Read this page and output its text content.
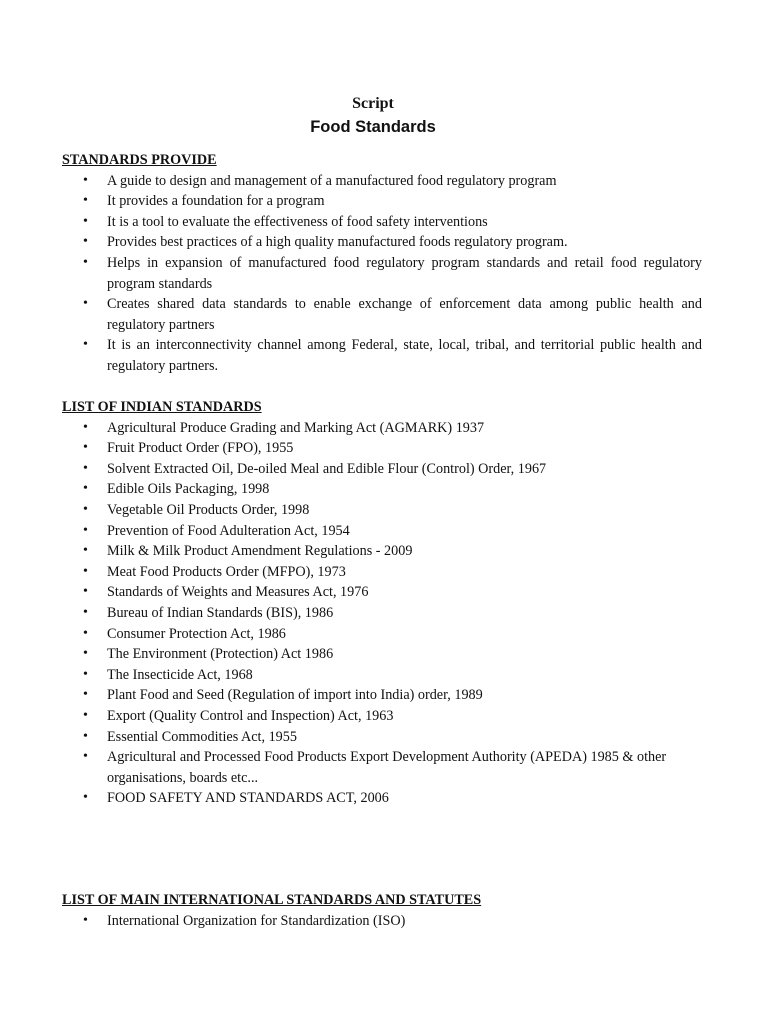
Script
Food Standards

STANDARDS PROVIDE

• A guide to design and management of a manufactured food regulatory program
• It provides a foundation for a program
• It is a tool to evaluate the effectiveness of food safety interventions
• Provides best practices of a high quality manufactured foods regulatory program.
• Helps in expansion of manufactured food regulatory program standards and retail food regulatory program standards
• Creates shared data standards to enable exchange of enforcement data among public health and regulatory partners
• It is an interconnectivity channel among Federal, state, local, tribal, and territorial public health and regulatory partners.

LIST OF INDIAN STANDARDS

• Agricultural Produce Grading and Marking Act (AGMARK) 1937
• Fruit Product Order (FPO), 1955
• Solvent Extracted Oil, De-oiled Meal and Edible Flour (Control) Order, 1967
• Edible Oils Packaging, 1998
• Vegetable Oil Products Order, 1998
• Prevention of Food Adulteration Act, 1954
• Milk & Milk Product Amendment Regulations - 2009
• Meat Food Products Order (MFPO), 1973
• Standards of Weights and Measures Act, 1976
• Bureau of Indian Standards (BIS), 1986
• Consumer Protection Act, 1986
• The Environment (Protection) Act 1986
• The Insecticide Act, 1968
• Plant Food and Seed (Regulation of import into India) order, 1989
• Export (Quality Control and Inspection) Act, 1963
• Essential Commodities Act, 1955
• Agricultural and Processed Food Products Export Development Authority (APEDA) 1985 & other organisations, boards etc...
• FOOD SAFETY AND STANDARDS ACT, 2006

LIST OF MAIN INTERNATIONAL STANDARDS AND STATUTES

• International Organization for Standardization (ISO)
